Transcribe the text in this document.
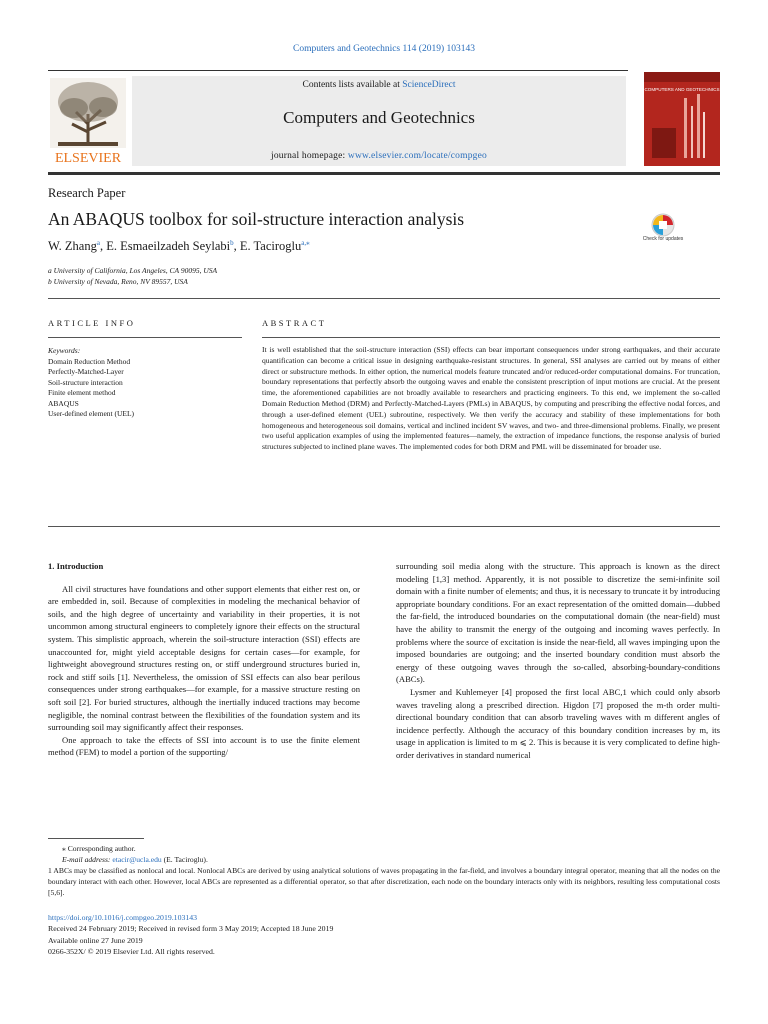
Computers and Geotechnics 114 (2019) 103143
ELSEVIER
Contents lists available at ScienceDirect
Computers and Geotechnics
journal homepage: www.elsevier.com/locate/compgeo
COMPUTERS AND GEOTECHNICS
Research Paper
An ABAQUS toolbox for soil-structure interaction analysis
Check for updates
W. Zhang$^a$, E. Esmaeilzadeh Seylabi$^b$, E. Taciroglu$^{a,⁎}$
a University of California, Los Angeles, CA 90095, USA
b University of Nevada, Reno, NV 89557, USA
ARTICLE INFO	ABSTRACT
Keywords:
Domain Reduction Method
Perfectly-Matched-Layer
Soil-structure interaction
Finite element method
ABAQUS
User-defined element (UEL)
It is well established that the soil-structure interaction (SSI) effects can bear important consequences under strong earthquakes, and their accurate quantification can become a critical issue in designing earthquake-resistant structures. In general, SSI analyses are carried out by means of either direct or substructure methods. In either option, the numerical models feature truncated and/or reduced-order computational domains. For truncation, boundary representations that perfectly absorb the outgoing waves and enable the consistent prescription of input motions are crucial. At the present time, the aforementioned capabilities are not broadly available to researchers and practicing engineers. To this end, we implement the so-called Domain Reduction Method (DRM) and Perfectly-Matched-Layers (PMLs) in ABAQUS, by computing and prescribing the effective nodal forces, and through a user-defined element (UEL) subroutine, respectively. We then verify the accuracy and stability of these implementations for both homogeneous and heterogeneous soil domains, vertical and inclined incident SV waves, and two- and three-dimensional problems. Finally, we present two useful application examples of using the implemented features—namely, the extraction of impedance functions, the response analysis of buried structures subjected to inclined plane waves. The implemented codes for both DRM and PML will be disseminated for broader use.
1. Introduction

All civil structures have foundations and other support elements that either rest on, or are embedded in, soil. Because of complexities in modeling the mechanical behavior of soils, and the high degree of uncertainty and variability in their properties, it is not uncommon among structural engineers to completely ignore their effects on the structural system. This simplistic approach, wherein the soil-structure interaction (SSI) effects are unaccounted for, might yield acceptable designs for certain cases—for example, for lightweight aboveground structures resting on, or stiff underground structures buried in, rock and stiff soils [1]. Nevertheless, the omission of SSI effects can also bear perilous consequences under strong earthquakes—for example, for a massive structure resting on soft soil [2]. For buried structures, although the inertially induced tractions may become negligible, the nominal contrast between the flexibilities of the foundation system and its surrounding soil may significantly affect their responses.

One approach to take the effects of SSI into account is to use the finite element method (FEM) to model a portion of the supporting/

surrounding soil media along with the structure. This approach is known as the direct modeling [1,3] method. Apparently, it is not possible to discretize the semi-infinite soil domain with a finite number of elements; and thus, it is necessary to truncate it by introducing appropriate boundary conditions. For an exact representation of the omitted domain—dubbed the far-field, the introduced boundaries on the computational domain (the near-field) must have the ability to transmit the energy of the outgoing and incoming waves perfectly. In problems where the source of excitation is inside the near-field, all waves impinging upon the imposed boundaries are outgoing; and the inserted boundary condition must absorb the energy of these outgoing waves through the so-called, absorbing-boundary-conditions (ABCs).

Lysmer and Kuhlemeyer [4] proposed the first local ABC,1 which could only absorb waves traveling along a prescribed direction. Higdon [7] proposed the m-th order multi-directional boundary condition that can absorb traveling waves with m different angles of incidence perfectly. Although the accuracy of this boundary condition increases by m, its usage in application is limited to m ⩽ 2. This is because it is very complicated to define high-order derivatives in standard numerical

⁎ Corresponding author.

E-mail address: etacir@ucla.edu (E. Taciroglu).

1 ABCs may be classified as nonlocal and local. Nonlocal ABCs are derived by using analytical solutions of waves propagating in the far-field, and involves a boundary integral operator, meaning that all the nodes on the boundary interact with each other. However, local ABCs are represented as a differential operator, so that after discretization, each node on the boundary interacts only with its neighbors, resulting less computational costs [5,6].

https://doi.org/10.1016/j.compgeo.2019.103143
Received 24 February 2019; Received in revised form 3 May 2019; Accepted 18 June 2019
Available online 27 June 2019
0266-352X/ © 2019 Elsevier Ltd. All rights reserved.
